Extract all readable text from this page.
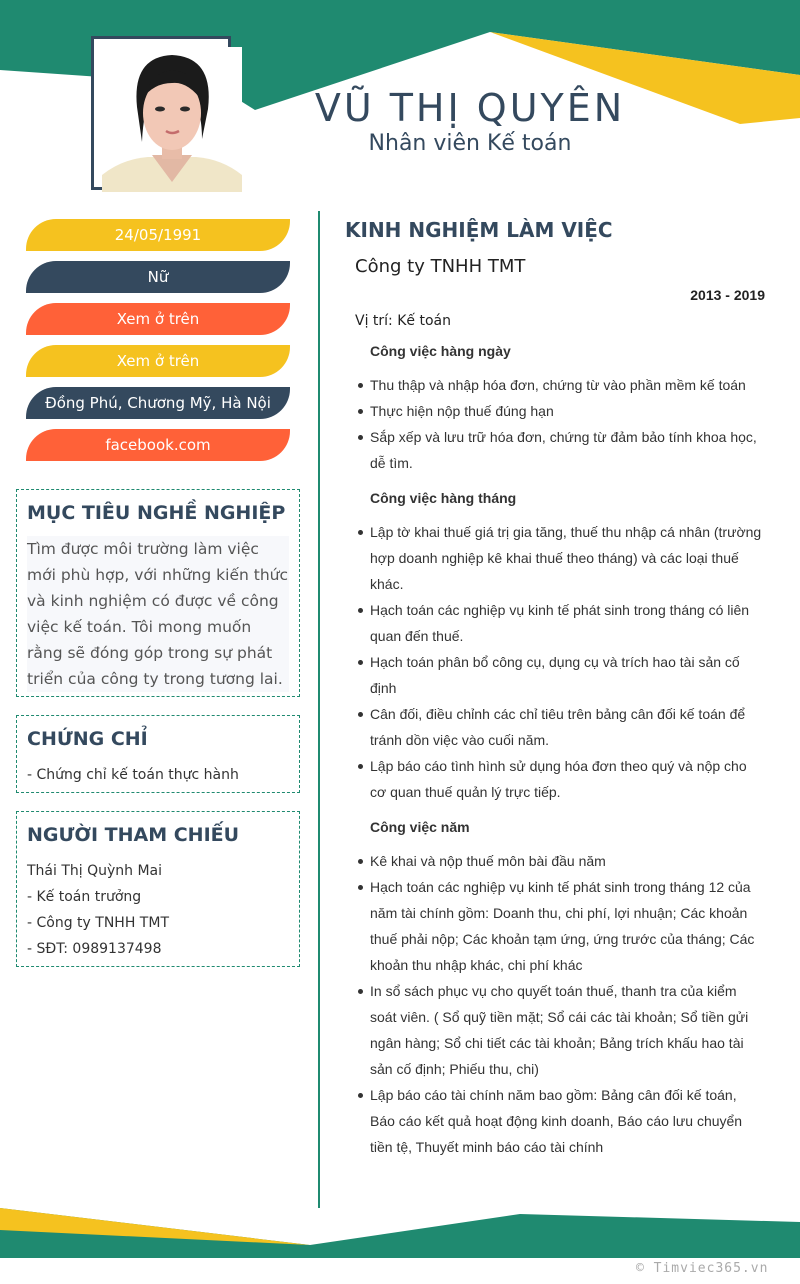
VŨ THỊ QUYÊN
Nhân viên Kế toán
24/05/1991
Nữ
Xem ở trên
Xem ở trên
Đồng Phú, Chương Mỹ, Hà Nội
facebook.com
MỤC TIÊU NGHỀ NGHIỆP
Tìm được môi trường làm việc mới phù hợp, với những kiến thức và kinh nghiệm có được về công việc kế toán. Tôi mong muốn rằng sẽ đóng góp trong sự phát triển của công ty trong tương lai.
CHỨNG CHỈ
- Chứng chỉ kế toán thực hành
NGƯỜI THAM CHIẾU
Thái Thị Quỳnh Mai
- Kế toán trưởng
- Công ty TNHH TMT
- SĐT: 0989137498
KINH NGHIỆM LÀM VIỆC
Công ty TNHH TMT
2013 - 2019
Vị trí: Kế toán
Công việc hàng ngày
Thu thập và nhập hóa đơn, chứng từ vào phần mềm kế toán
Thực hiện nộp thuế đúng hạn
Sắp xếp và lưu trữ hóa đơn, chứng từ đảm bảo tính khoa học, dễ tìm.
Công việc hàng tháng
Lập tờ khai thuế giá trị gia tăng, thuế thu nhập cá nhân (trường hợp doanh nghiệp kê khai thuế theo tháng) và các loại thuế khác.
Hạch toán các nghiệp vụ kinh tế phát sinh trong tháng có liên quan đến thuế.
Hạch toán phân bổ công cụ, dụng cụ và trích hao tài sản cố định
Cân đối, điều chỉnh các chỉ tiêu trên bảng cân đối kế toán để tránh dồn việc vào cuối năm.
Lập báo cáo tình hình sử dụng hóa đơn theo quý và nộp cho cơ quan thuế quản lý trực tiếp.
Công việc năm
Kê khai và nộp thuế môn bài đầu năm
Hạch toán các nghiệp vụ kinh tế phát sinh trong tháng 12 của năm tài chính gồm: Doanh thu, chi phí, lợi nhuận; Các khoản thuế phải nộp; Các khoản tạm ứng, ứng trước của tháng; Các khoản thu nhập khác, chi phí khác
In sổ sách phục vụ cho quyết toán thuế, thanh tra của kiểm soát viên. ( Sổ quỹ tiền mặt; Sổ cái các tài khoản; Sổ tiền gửi ngân hàng; Sổ chi tiết các tài khoản; Bảng trích khấu hao tài sản cố định; Phiếu thu, chi)
Lập báo cáo tài chính năm bao gồm: Bảng cân đối kế toán, Báo cáo kết quả hoạt động kinh doanh, Báo cáo lưu chuyển tiền tệ, Thuyết minh báo cáo tài chính
© Timviec365.vn
